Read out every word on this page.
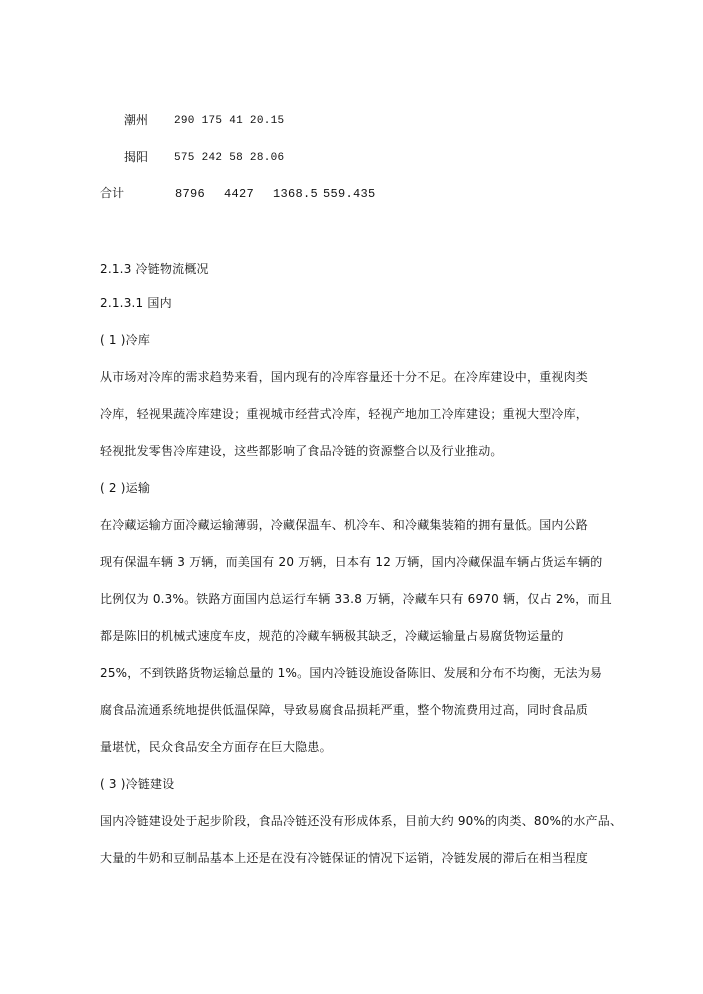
潮州 290 175 41 20.15
揭阳 575 242 58 28.06
合计	8796 4427 1368.5 559.435
2.1.3 冷链物流概况
2.1.3.1 国内
( 1 )冷库
从市场对冷库的需求趋势来看，国内现有的冷库容量还十分不足。在冷库建设中，重视肉类
冷库，轻视果蔬冷库建设；重视城市经营式冷库，轻视产地加工冷库建设；重视大型冷库，
轻视批发零售冷库建设，这些都影响了食品冷链的资源整合以及行业推动。
( 2 )运输
在冷藏运输方面冷藏运输薄弱，冷藏保温车、机冷车、和冷藏集装箱的拥有量低。国内公路
现有保温车辆 3 万辆，而美国有 20 万辆，日本有 12 万辆，国内冷藏保温车辆占货运车辆的
比例仅为 0.3%。铁路方面国内总运行车辆 33.8 万辆，冷藏车只有 6970 辆，仅占 2%，而且
都是陈旧的机械式速度车皮，规范的冷藏车辆极其缺乏，冷藏运输量占易腐货物运量的
25%，不到铁路货物运输总量的 1%。国内冷链设施设备陈旧、发展和分布不均衡，无法为易
腐食品流通系统地提供低温保障，导致易腐食品损耗严重，整个物流费用过高，同时食品质
量堪忧，民众食品安全方面存在巨大隐患。
( 3 )冷链建设
国内冷链建设处于起步阶段，食品冷链还没有形成体系，目前大约 90%的肉类、80%的水产品、
大量的牛奶和豆制品基本上还是在没有冷链保证的情况下运销，冷链发展的滞后在相当程度
